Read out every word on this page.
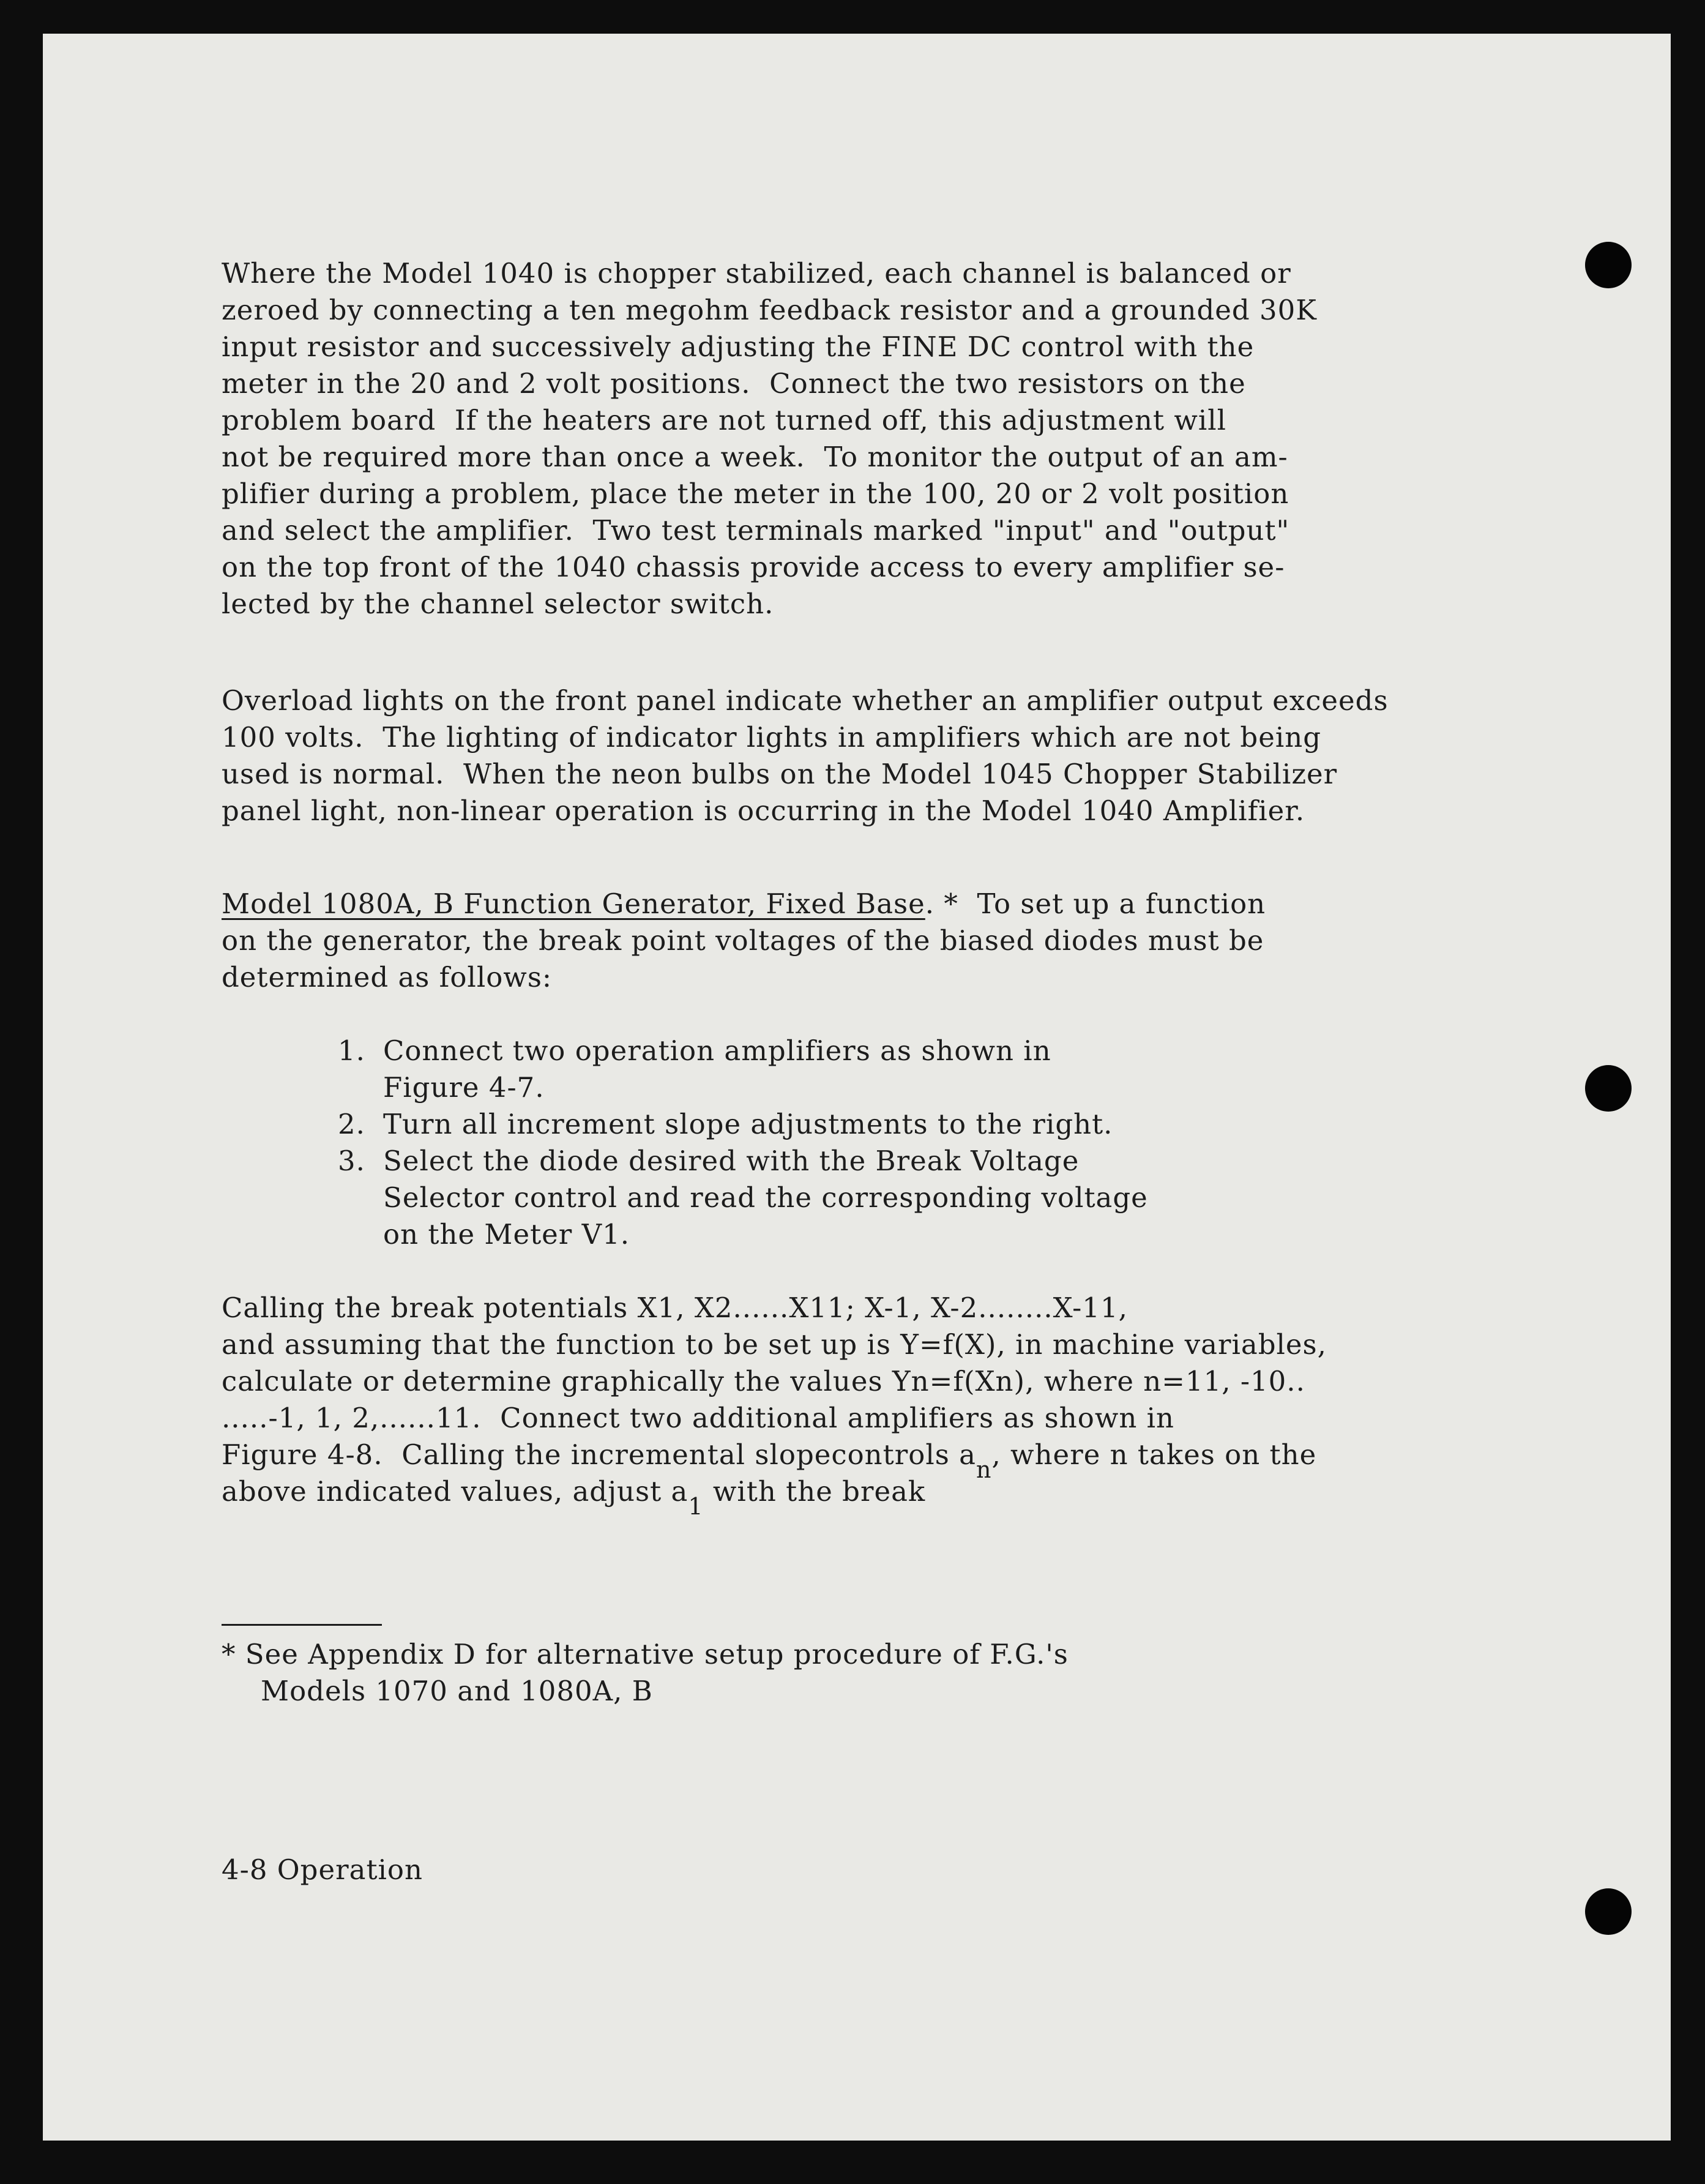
Where the Model 1040 is chopper stabilized, each channel is balanced or
zeroed by connecting a ten megohm feedback resistor and a grounded 30K
input resistor and successively adjusting the FINE DC control with the
meter in the 20 and 2 volt positions.  Connect the two resistors on the
problem board  If the heaters are not turned off, this adjustment will
not be required more than once a week.  To monitor the output of an am-
plifier during a problem, place the meter in the 100, 20 or 2 volt position
and select the amplifier.  Two test terminals marked "input" and "output"
on the top front of the 1040 chassis provide access to every amplifier se-
lected by the channel selector switch.
Overload lights on the front panel indicate whether an amplifier output exceeds
100 volts.  The lighting of indicator lights in amplifiers which are not being
used is normal.  When the neon bulbs on the Model 1045 Chopper Stabilizer
panel light, non-linear operation is occurring in the Model 1040 Amplifier.
Model 1080A, B Function Generator, Fixed Base. *  To set up a function
on the generator, the break point voltages of the biased diodes must be
determined as follows:
1. Connect two operation amplifiers as shown in
Figure 4-7.
2. Turn all increment slope adjustments to the right.
3. Select the diode desired with the Break Voltage
Selector control and read the corresponding voltage
on the Meter V1.
Calling the break potentials X1, X2......X11; X-1, X-2........X-11,
and assuming that the function to be set up is Y=f(X), in machine variables,
calculate or determine graphically the values Yn=f(Xn), where n=11, -10..
.....-1, 1, 2,......11.  Connect two additional amplifiers as shown in
Figure 4-8.  Calling the incremental slopecontrols $a_n$, where n takes on the
above indicated values, adjust $a_1$ with the break
* See Appendix D for alternative setup procedure of F.G.'s
Models 1070 and 1080A, B
4-8 Operation
